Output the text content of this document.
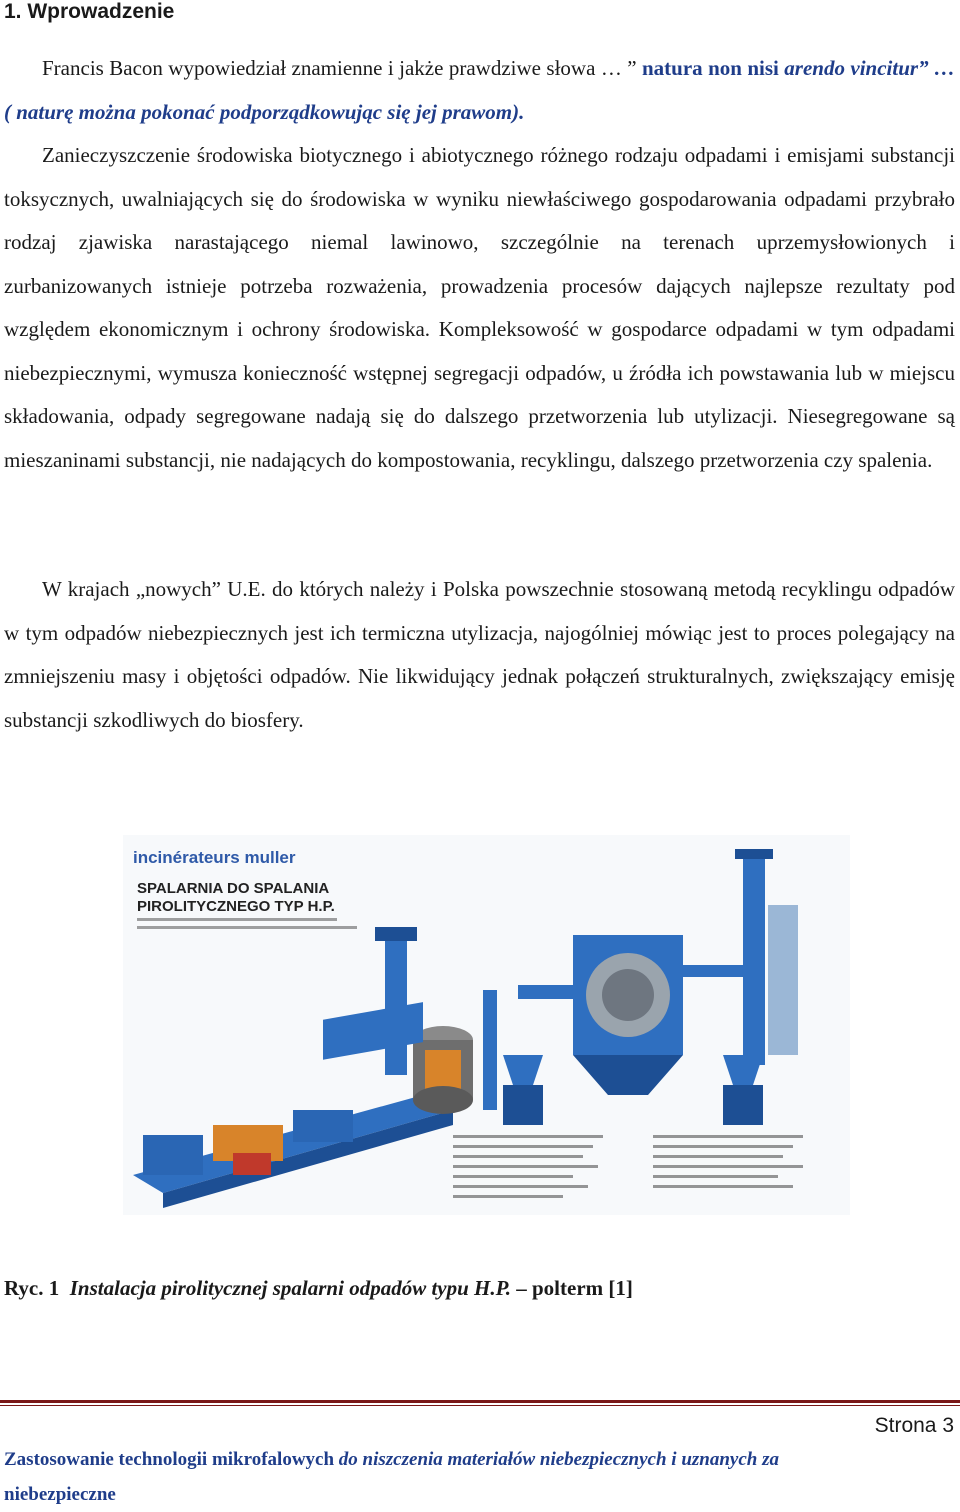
1. Wprowadzenie

Francis Bacon wypowiedział znamienne i jakże prawdziwe słowa … ” natura non nisi arendo vincitur” … ( naturę można pokonać podporządkowując się jej prawom).

Zanieczyszczenie środowiska biotycznego i abiotycznego różnego rodzaju odpadami i emisjami substancji toksycznych, uwalniających się do środowiska w wyniku niewłaściwego gospodarowania odpadami przybrało rodzaj zjawiska narastającego niemal lawinowo, szczególnie na terenach uprzemysłowionych i zurbanizowanych istnieje potrzeba rozważenia, prowadzenia procesów dających najlepsze rezultaty pod względem ekonomicznym i ochrony środowiska. Kompleksowość w gospodarce odpadami w tym odpadami niebezpiecznymi, wymusza konieczność wstępnej segregacji odpadów, u źródła ich powstawania lub w miejscu składowania, odpady segregowane nadają się do dalszego przetworzenia lub utylizacji. Niesegregowane są mieszaninami substancji, nie nadających do kompostowania, recyklingu, dalszego przetworzenia czy spalenia.

W krajach „nowych” U.E. do których należy i Polska powszechnie stosowaną metodą recyklingu odpadów w tym odpadów niebezpiecznych jest ich termiczna utylizacja, najogólniej mówiąc jest to proces polegający na zmniejszeniu masy i objętości odpadów. Nie likwidujący jednak połączeń strukturalnych, zwiększający emisję substancji szkodliwych do biosfery.

incinérateurs muller
SPALARNIA DO SPALANIA
PIROLITYCZNEGO TYP H.P.
Ryc. 1 Instalacja pirolitycznej spalarni odpadów typu H.P. – polterm [1]
Strona 3
Zastosowanie technologii mikrofalowych do niszczenia materiałów niebezpiecznych i uznanych za
niebezpieczne
